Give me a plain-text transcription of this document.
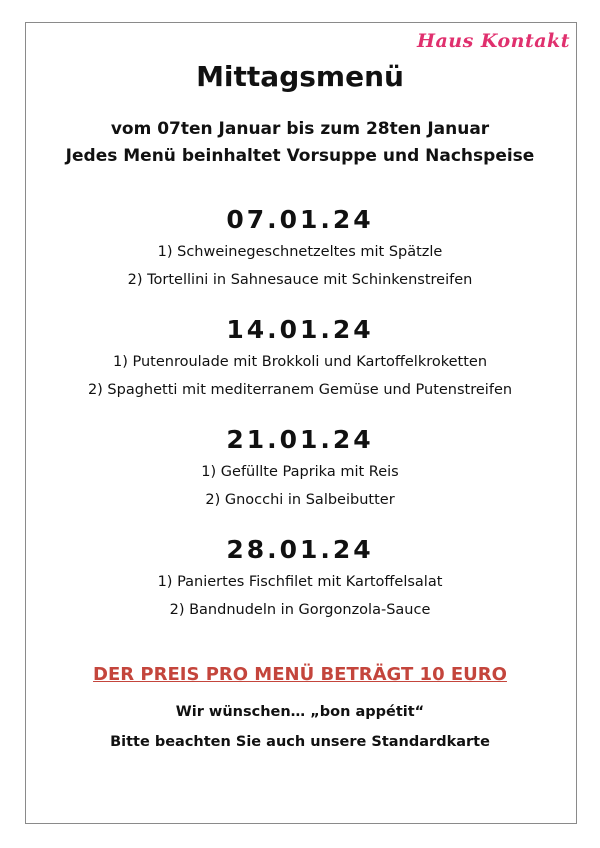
Haus Kontakt
Mittagsmenü
vom 07ten Januar bis zum 28ten Januar
Jedes Menü beinhaltet Vorsuppe und Nachspeise
07.01.24
1) Schweinegeschnetzeltes mit Spätzle
2) Tortellini in Sahnesauce mit Schinkenstreifen
14.01.24
1) Putenroulade mit Brokkoli und Kartoffelkroketten
2) Spaghetti mit mediterranem Gemüse und Putenstreifen
21.01.24
1) Gefüllte Paprika mit Reis
2) Gnocchi in Salbeibutter
28.01.24
1) Paniertes Fischfilet mit Kartoffelsalat
2) Bandnudeln in Gorgonzola-Sauce
DER PREIS PRO MENÜ BETRÄGT 10 EURO
Wir wünschen… „bon appétit“
Bitte beachten Sie auch unsere Standardkarte
